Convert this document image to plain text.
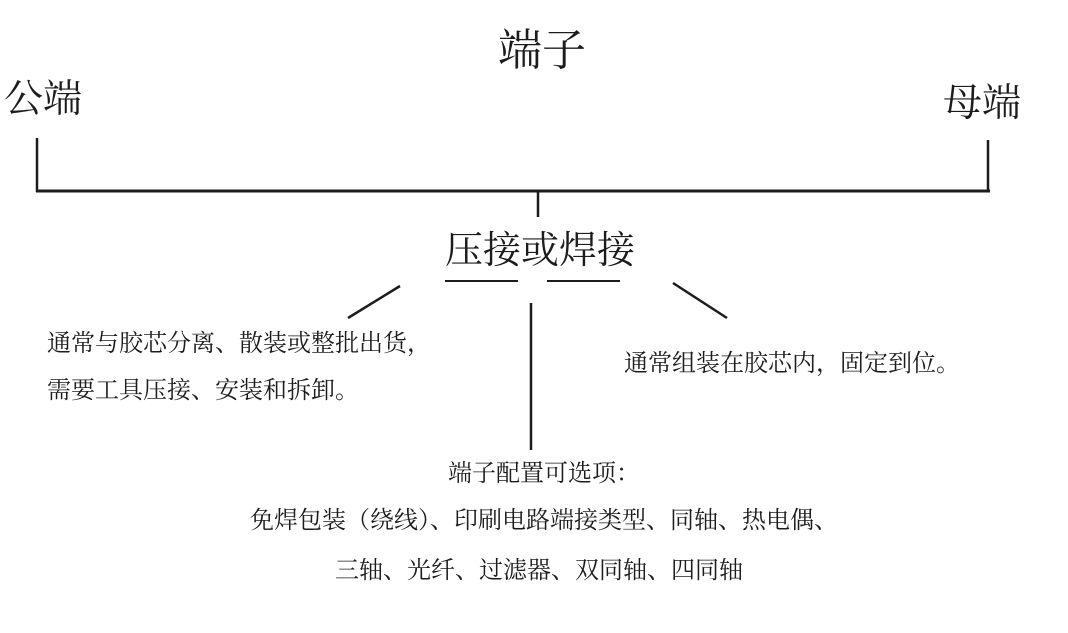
端子
公端	母端
压接或焊接
通常与胶芯分离、散装或整批出货，
需要工具压接、安装和拆卸。
通常组装在胶芯内，固定到位。
端子配置可选项：
免焊包装（绕线）、印刷电路端接类型、同轴、热电偶、
三轴、光纤、过滤器、双同轴、四同轴
